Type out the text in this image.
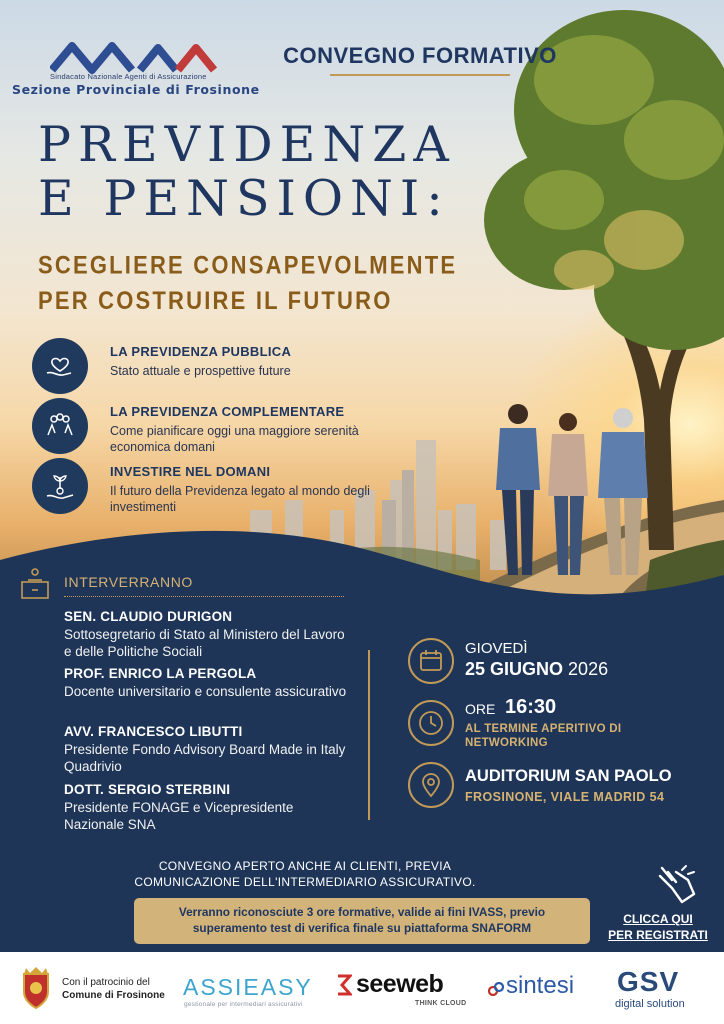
Sindacato Nazionale Agenti di Assicurazione
Sezione Provinciale di Frosinone
CONVEGNO FORMATIVO
PREVIDENZA
E PENSIONI:
SCEGLIERE CONSAPEVOLMENTE
PER COSTRUIRE IL FUTURO
LA PREVIDENZA PUBBLICA
Stato attuale e prospettive future
LA PREVIDENZA COMPLEMENTARE
Come pianificare oggi una maggiore serenità economica domani
INVESTIRE NEL DOMANI
Il futuro della Previdenza legato al mondo degli investimenti
INTERVERRANNO
SEN. CLAUDIO DURIGON
Sottosegretario di Stato al Ministero del Lavoro e delle Politiche Sociali
PROF. ENRICO LA PERGOLA
Docente universitario e consulente assicurativo
AVV. FRANCESCO LIBUTTI
Presidente Fondo Advisory Board Made in Italy Quadrivio
DOTT. SERGIO STERBINI
Presidente FONAGE e Vicepresidente Nazionale SNA
GIOVEDÌ
25 GIUGNO 2026
ORE 16:30
AL TERMINE APERITIVO DI NETWORKING
AUDITORIUM SAN PAOLO
FROSINONE, VIALE MADRID 54
CONVEGNO APERTO ANCHE AI CLIENTI, PREVIA COMUNICAZIONE DELL'INTERMEDIARIO ASSICURATIVO.
Verranno riconosciute 3 ore formative, valide ai fini IVASS, previo superamento test di verifica finale su piattaforma SNAFORM
CLICCA QUI
PER REGISTRATI
Con il patrocinio del
Comune di Frosinone ASSIEASY
gestionale per intermediari assicurativi
seeweb
THINK CLOUD
sintesi GSV
digital solution
